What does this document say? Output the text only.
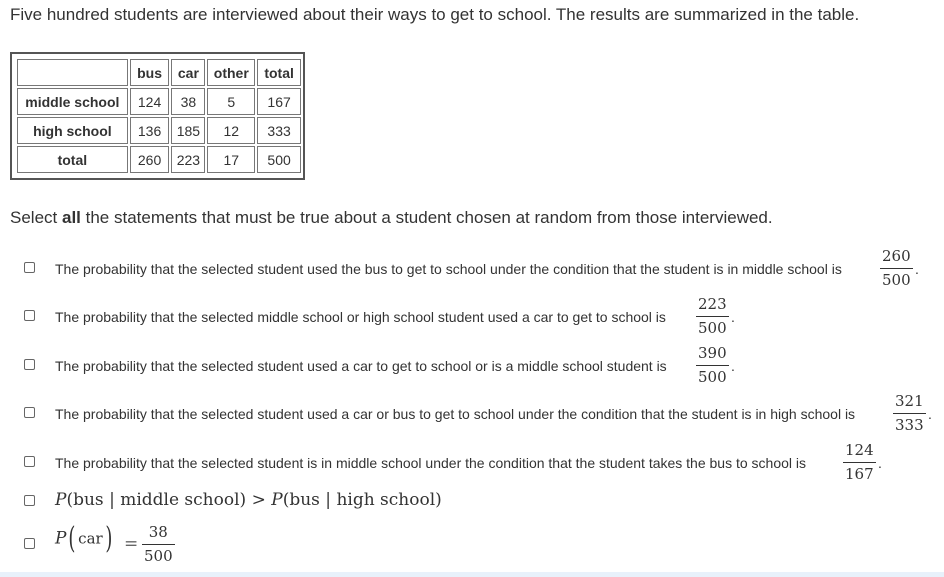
Five hundred students are interviewed about their ways to get to school. The results are summarized in the table.
	bus	car	other	total
middle school	124	38	5	167
high school	136	185	12	333
total	260	223	17	500
Select all the statements that must be true about a student chosen at random from those interviewed.
The probability that the selected student used the bus to get to school under the condition that the student is in middle school is
260
500
.
The probability that the selected middle school or high school student used a car to get to school is
223
500
.
The probability that the selected student used a car to get to school or is a middle school student is
390
500
.
The probability that the selected student used a car or bus to get to school under the condition that the student is in high school is
321
333
.
The probability that the selected student is in middle school under the condition that the student takes the bus to school is
124
167
.
P(bus | middle school) > P(bus | high school)
P( car) =
38
500
